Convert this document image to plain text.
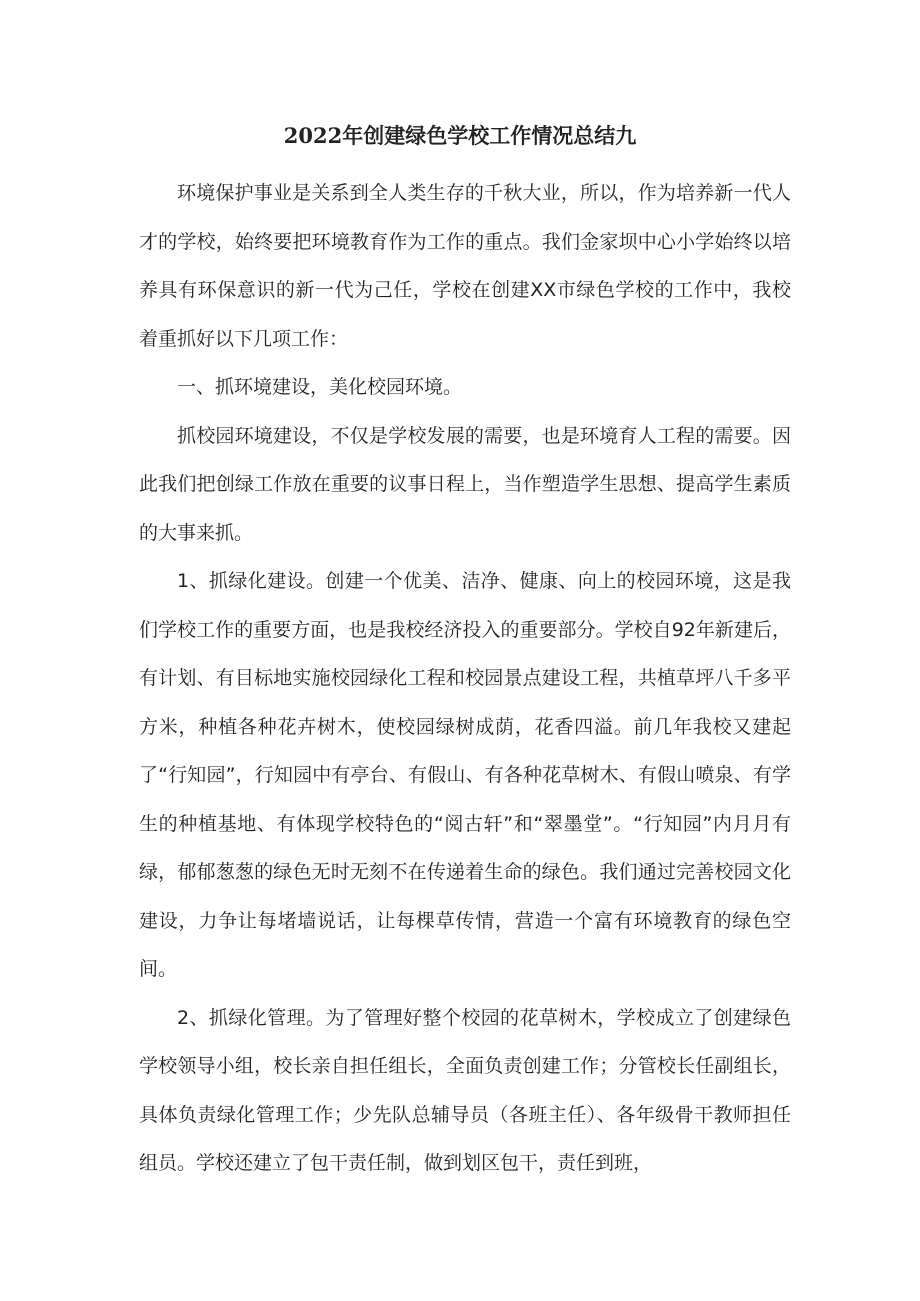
2022年创建绿色学校工作情况总结九

环境保护事业是关系到全人类生存的千秋大业，所以，作为培养新一代人才的学校，始终要把环境教育作为工作的重点。我们金家坝中心小学始终以培养具有环保意识的新一代为己任，学校在创建XX市绿色学校的工作中，我校着重抓好以下几项工作：

一、抓环境建设，美化校园环境。

抓校园环境建设，不仅是学校发展的需要，也是环境育人工程的需要。因此我们把创绿工作放在重要的议事日程上，当作塑造学生思想、提高学生素质的大事来抓。

1、抓绿化建设。创建一个优美、洁净、健康、向上的校园环境，这是我们学校工作的重要方面，也是我校经济投入的重要部分。学校自92年新建后，有计划、有目标地实施校园绿化工程和校园景点建设工程，共植草坪八千多平方米，种植各种花卉树木，使校园绿树成荫，花香四溢。前几年我校又建起了“行知园”，行知园中有亭台、有假山、有各种花草树木、有假山喷泉、有学生的种植基地、有体现学校特色的“阅古轩”和“翠墨堂”。“行知园”内月月有绿，郁郁葱葱的绿色无时无刻不在传递着生命的绿色。我们通过完善校园文化建设，力争让每堵墙说话，让每棵草传情，营造一个富有环境教育的绿色空间。

2、抓绿化管理。为了管理好整个校园的花草树木，学校成立了创建绿色学校领导小组，校长亲自担任组长，全面负责创建工作；分管校长任副组长，具体负责绿化管理工作；少先队总辅导员（各班主任）、各年级骨干教师担任组员。学校还建立了包干责任制，做到划区包干，责任到班，
